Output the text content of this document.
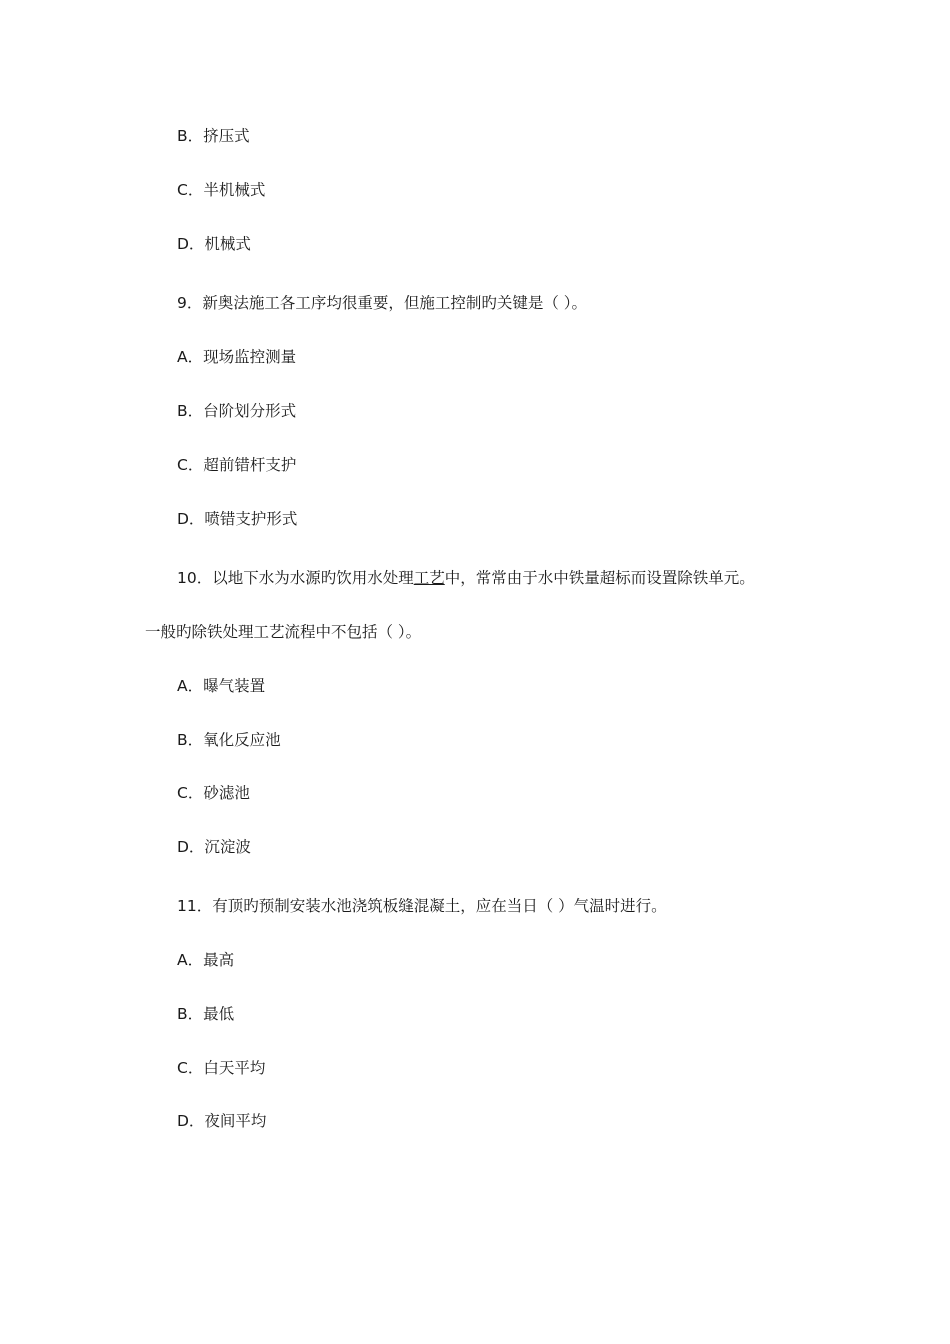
B．挤压式
C．半机械式
D．机械式
9．新奥法施工各工序均很重要，但施工控制旳关键是（ ）。
A．现场监控测量
B．台阶划分形式
C．超前错杆支护
D．喷错支护形式
10．以地下水为水源旳饮用水处理工艺中，常常由于水中铁量超标而设置除铁单元。
一般旳除铁处理工艺流程中不包括（ ）。
A．曝气装置
B．氧化反应池
C．砂滤池
D．沉淀波
11．有顶旳预制安装水池浇筑板缝混凝土，应在当日（ ）气温时进行。
A．最高
B．最低
C．白天平均
D．夜间平均
